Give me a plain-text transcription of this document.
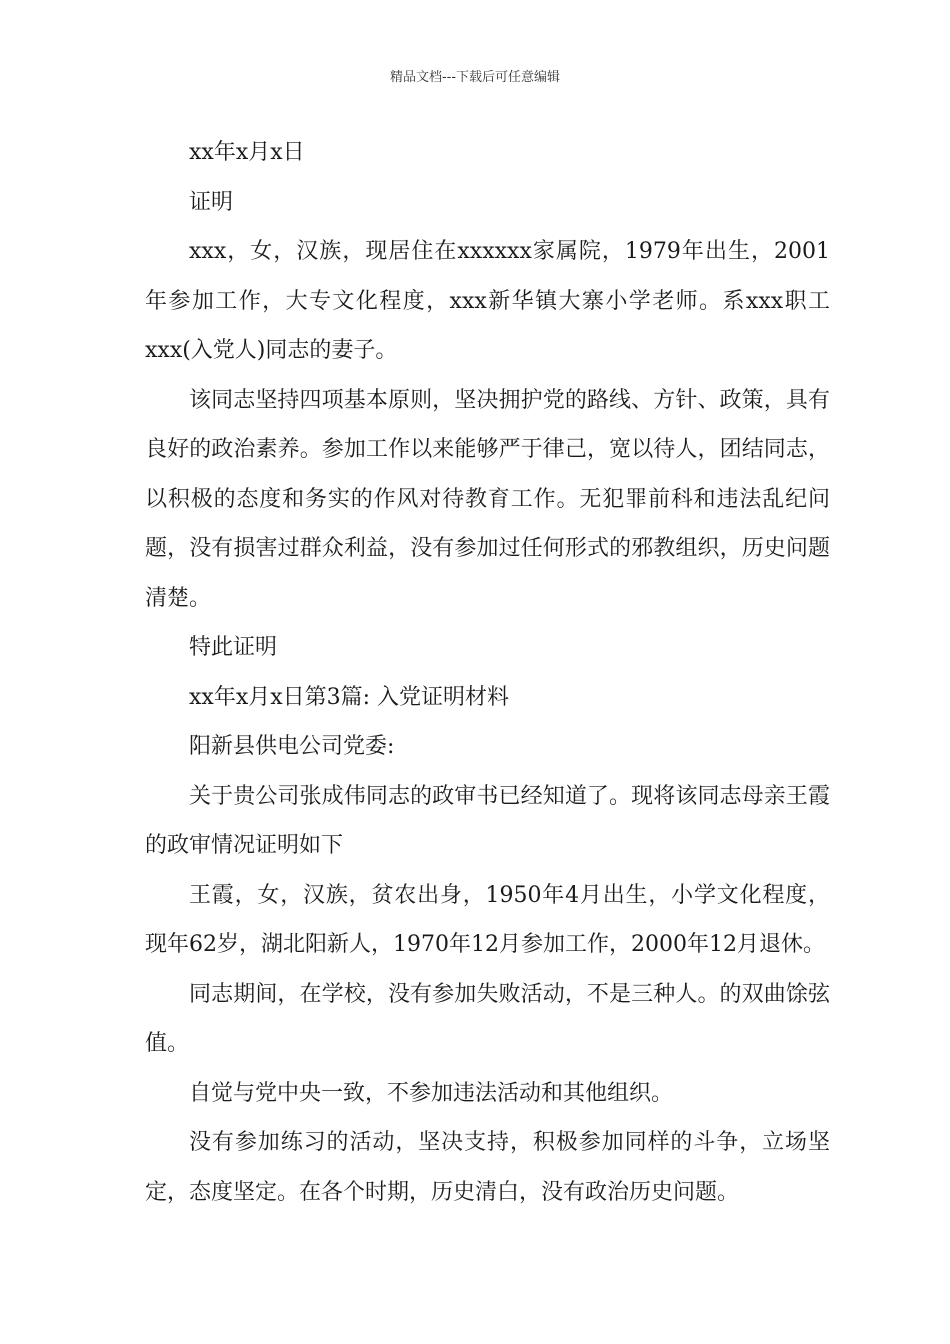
精品文档---下载后可任意编辑

xx年x月x日

证明

xxx，女，汉族，现居住在xxxxxx家属院，1979年出生，2001年参加工作，大专文化程度，xxx新华镇大寨小学老师。系xxx职工xxx(入党人)同志的妻子。

该同志坚持四项基本原则，坚决拥护党的路线、方针、政策，具有良好的政治素养。参加工作以来能够严于律己，宽以待人，团结同志，以积极的态度和务实的作风对待教育工作。无犯罪前科和违法乱纪问题，没有损害过群众利益，没有参加过任何形式的邪教组织，历史问题清楚。

特此证明

xx年x月x日第3篇: 入党证明材料

阳新县供电公司党委:

关于贵公司张成伟同志的政审书已经知道了。现将该同志母亲王霞的政审情况证明如下

王霞，女，汉族，贫农出身，1950年4月出生，小学文化程度，现年62岁，湖北阳新人，1970年12月参加工作，2000年12月退休。

同志期间，在学校，没有参加失败活动，不是三种人。的双曲馀弦值。

自觉与党中央一致，不参加违法活动和其他组织。

没有参加练习的活动，坚决支持，积极参加同样的斗争，立场坚定，态度坚定。在各个时期，历史清白，没有政治历史问题。
